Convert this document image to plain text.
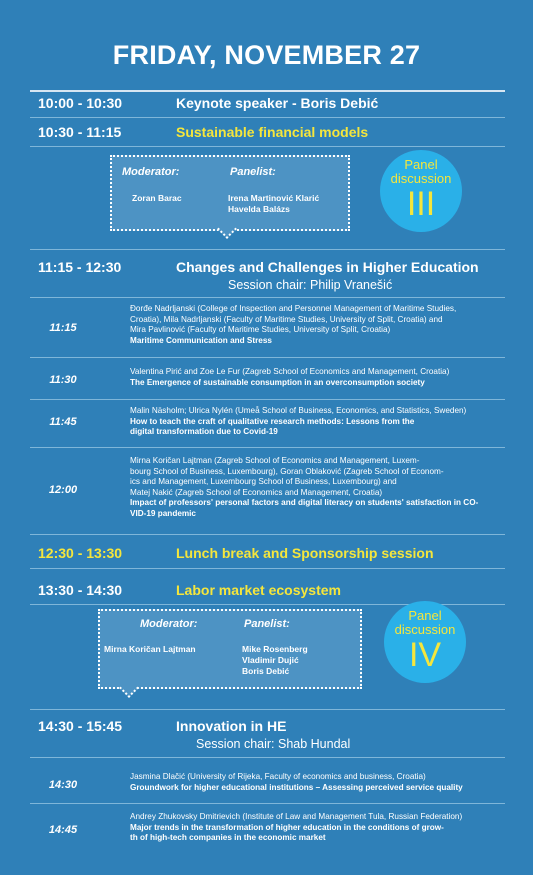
FRIDAY, NOVEMBER 27
10:00 - 10:30	Keynote speaker - Boris Debić
10:30 - 11:15	Sustainable financial models
Moderator:	Panelist:
Zoran Barac	Irena Martinović Klarić
Havelda Balázs
Panel discussion
III
11:15 - 12:30	Changes and Challenges in Higher Education
Session chair: Philip Vranešić
11:15
Đorđe Nadrljanski (College of Inspection and Personnel Management of Maritime Studies,
Croatia), Mila Nadrljanski (Faculty of Maritime Studies, University of Split, Croatia) and
Mira Pavlinović (Faculty of Maritime Studies, University of Split, Croatia)
Maritime Communication and Stress
11:30
Valentina Pirić and Zoe Le Fur (Zagreb School of Economics and Management, Croatia)
The Emergence of sustainable consumption in an overconsumption society
11:45
Malin Näsholm; Ulrica Nylén (Umeå School of Business, Economics, and Statistics, Sweden)
How to teach the craft of qualitative research methods: Lessons from the
digital transformation due to Covid-19
12:00
Mirna Koričan Lajtman (Zagreb School of Economics and Management, Luxem-
bourg School of Business, Luxembourg), Goran Oblaković (Zagreb School of Econom-
ics and Management, Luxembourg School of Business, Luxembourg) and
Matej Nakić (Zagreb School of Economics and Management, Croatia)
Impact of professors' personal factors and digital literacy on students' satisfaction in CO-
VID-19 pandemic
12:30 - 13:30	Lunch break and Sponsorship session
13:30 - 14:30	Labor market ecosystem
Moderator:	Panelist:
Mirna Koričan Lajtman	Mike Rosenberg
Vladimir Dujić
Boris Debić
Panel discussion
IV
14:30 - 15:45	Innovation in HE
Session chair: Shab Hundal
14:30
Jasmina Dlačić (University of Rijeka, Faculty of economics and business, Croatia)
Groundwork for higher educational institutions – Assessing perceived service quality
14:45
Andrey Zhukovsky Dmitrievich (Institute of Law and Management Tula, Russian Federation)
Major trends in the transformation of higher education in the conditions of grow-
th of high-tech companies in the economic market
